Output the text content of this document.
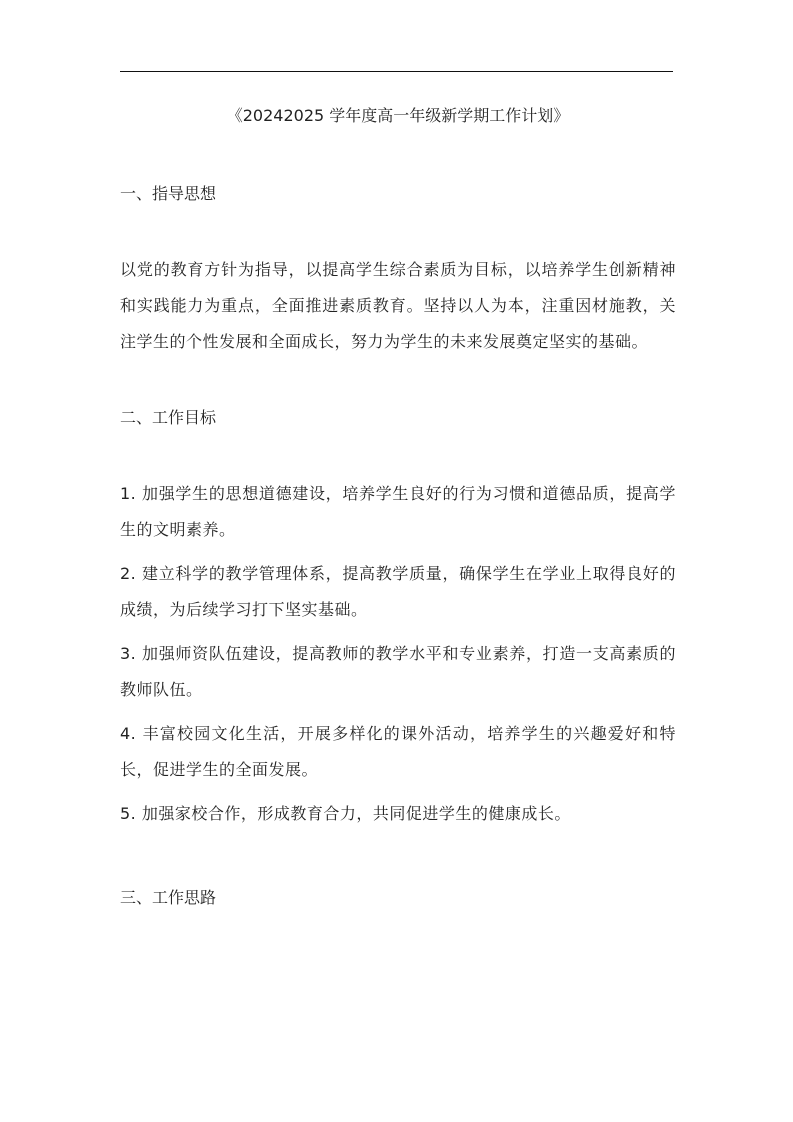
《20242025 学年度高一年级新学期工作计划》
一、指导思想

以党的教育方针为指导，以提高学生综合素质为目标，以培养学生创新精神和实践能力为重点，全面推进素质教育。坚持以人为本，注重因材施教，关注学生的个性发展和全面成长，努力为学生的未来发展奠定坚实的基础。

二、工作目标

1. 加强学生的思想道德建设，培养学生良好的行为习惯和道德品质，提高学生的文明素养。

2. 建立科学的教学管理体系，提高教学质量，确保学生在学业上取得良好的成绩，为后续学习打下坚实基础。

3. 加强师资队伍建设，提高教师的教学水平和专业素养，打造一支高素质的教师队伍。

4. 丰富校园文化生活，开展多样化的课外活动，培养学生的兴趣爱好和特长，促进学生的全面发展。

5. 加强家校合作，形成教育合力，共同促进学生的健康成长。

三、工作思路
